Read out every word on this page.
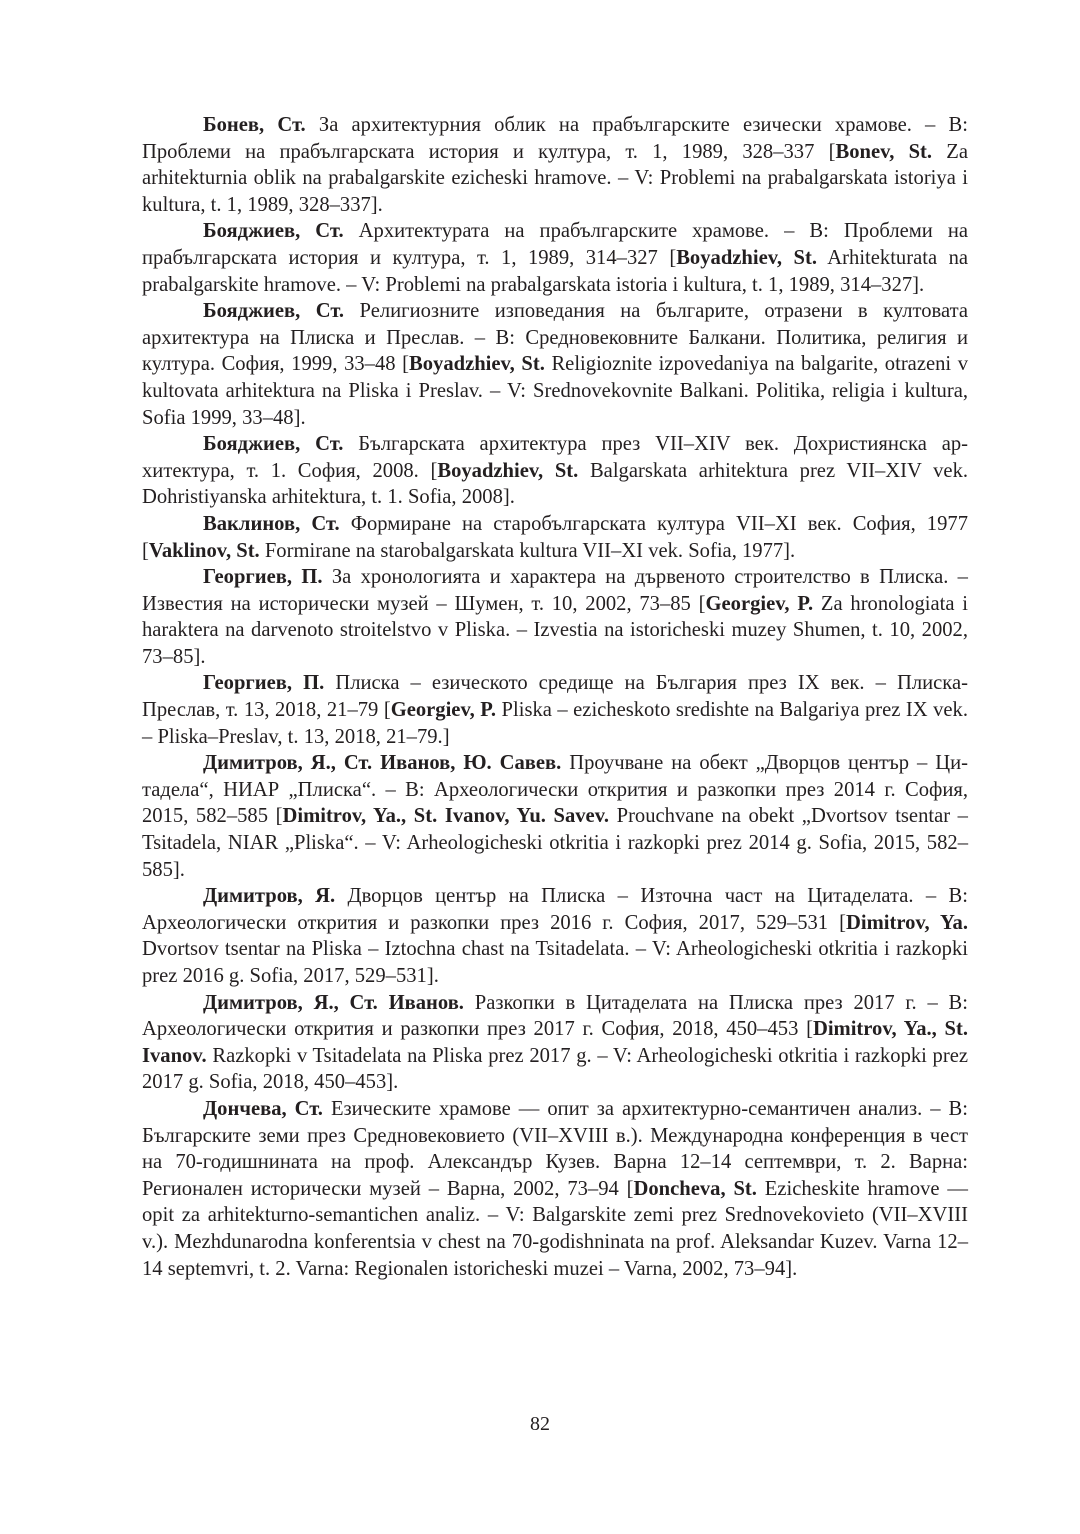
Бонев, Ст. За архитектурния облик на прабългарските езически храмове. – В: Проблеми на прабългарската история и култура, т. 1, 1989, 328–337 [Bonev, St. Za arhitekturnia oblik na prabalgarskite ezicheski hramove. – V: Problemi na prabalgarskata istoriya i kultura, t. 1, 1989, 328–337].

Бояджиев, Ст. Архитектурата на прабългарските храмове. – В: Проблеми на прабългарската история и култура, т. 1, 1989, 314–327 [Boyadzhiev, St. Arhitekturata na prabalgarskite hramove. – V: Problemi na prabalgarskata istoria i kultura, t. 1, 1989, 314–327].

Бояджиев, Ст. Религиозните изповедания на българите, отразени в култовата архитектура на Плиска и Преслав. – В: Средновековните Балкани. Политика, религия и култура. София, 1999, 33–48 [Boyadzhiev, St. Religioznite izpovedaniya na balgarite, otrazeni v kultovata arhitektura na Pliska i Preslav. – V: Srednovekovnite Balkani. Politika, religia i kultura, Sofia 1999, 33–48].

Бояджиев, Ст. Българската архитектура през VII–XIV век. Дохристиянска архитектура, т. 1. София, 2008. [Boyadzhiev, St. Balgarskata arhitektura prez VII–XIV vek. Dohristiyanska arhitektura, t. 1. Sofia, 2008].

Ваклинов, Ст. Формиране на старобългарската култура VII–XI век. София, 1977 [Vaklinov, St. Formirane na starobalgarskata kultura VII–XI vek. Sofia, 1977].

Георгиев, П. За хронологията и характера на дървеното строителство в Плиска. – Известия на исторически музей – Шумен, т. 10, 2002, 73–85 [Georgiev, P. Za hronologiata i haraktera na darvenoto stroitelstvo v Pliska. – Izvestia na istoricheski muzey Shumen, t. 10, 2002, 73–85].

Георгиев, П. Плиска – езическото средище на България през IX век. – Плиска-Преслав, т. 13, 2018, 21–79 [Georgiev, P. Pliska – ezicheskoto sredishte na Balgariya prez IX vek. – Pliska–Preslav, t. 13, 2018, 21–79.]

Димитров, Я., Ст. Иванов, Ю. Савев. Проучване на обект „Дворцов център – Цитадела“, НИАР „Плиска“. – В: Археологически открития и разкопки през 2014 г. София, 2015, 582–585 [Dimitrov, Ya., St. Ivanov, Yu. Savev. Prouchvane na obekt „Dvortsov tsentar – Tsitadela, NIAR „Pliska“. – V: Arheologicheski otkritia i razkopki prez 2014 g. Sofia, 2015, 582–585].

Димитров, Я. Дворцов център на Плиска – Източна част на Цитаделата. – В: Археологически открития и разкопки през 2016 г. София, 2017, 529–531 [Dimitrov, Ya. Dvortsov tsentar na Pliska – Iztochna chast na Tsitadelata. – V: Arheologicheski otkritia i razkopki prez 2016 g. Sofia, 2017, 529–531].

Димитров, Я., Ст. Иванов. Разкопки в Цитаделата на Плиска през 2017 г. – В: Археологически открития и разкопки през 2017 г. София, 2018, 450–453 [Dimitrov, Ya., St. Ivanov. Razkopki v Tsitadelata na Pliska prez 2017 g. – V: Arheologicheski otkritia i razkopki prez 2017 g. Sofia, 2018, 450–453].

Дончева, Ст. Езическите храмове — опит за архитектурно-семантичен анализ. – В: Българските земи през Средновековието (VII–XVIII в.). Международна конференция в чест на 70-годишнината на проф. Александър Кузев. Варна 12–14 септември, т. 2. Варна: Регионален исторически музей – Варна, 2002, 73–94 [Doncheva, St. Ezicheskite hramove — opit za arhitekturno-semantichen analiz. – V: Balgarskite zemi prez Srednovekovieto (VII–XVIII v.). Mezhdunarodna konferentsia v chest na 70-godishninata na prof. Aleksandar Kuzev. Varna 12–14 septemvri, t. 2. Varna: Regionalen istoricheski muzei – Varna, 2002, 73–94].

82
